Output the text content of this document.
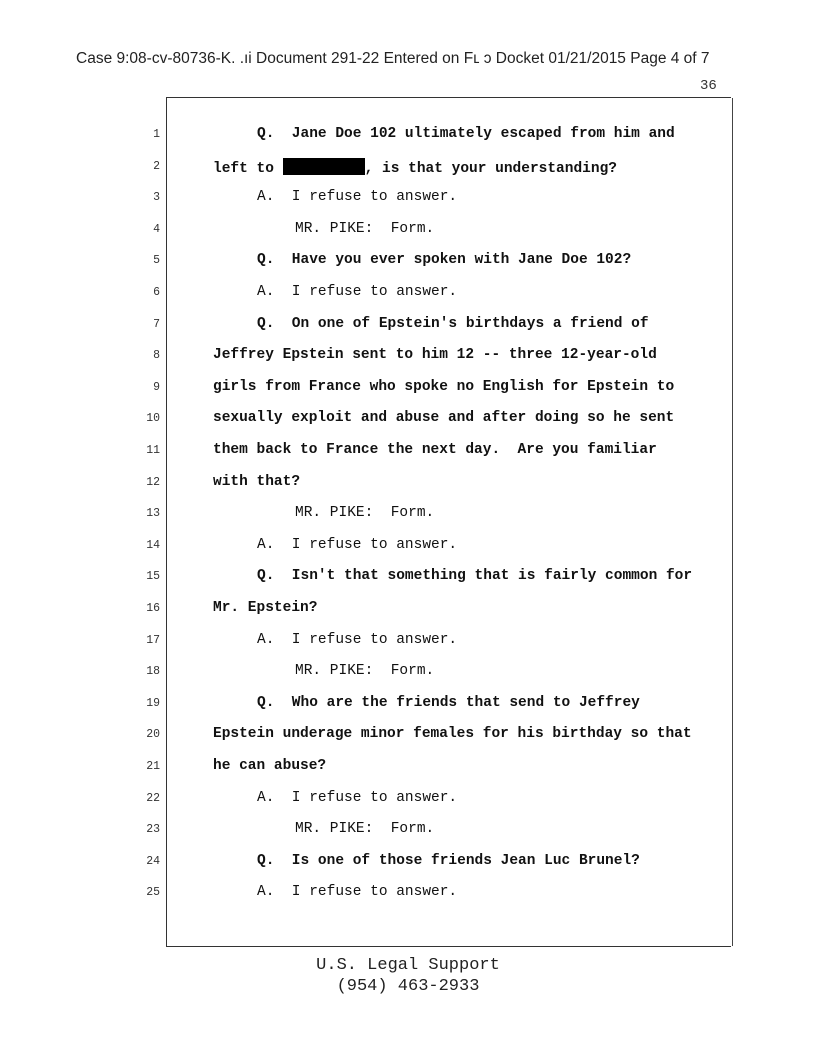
Case 9:08-cv-80736-K. .ıі Document 291-22 Entered on Fʟ ɔ Docket 01/21/2015 Page 4 of 7
36
1	Q.  Jane Doe 102 ultimately escaped from him and
2	left to	, is that your understanding?
3	A.  I refuse to answer.
4	MR. PIKE:  Form.
5	Q.  Have you ever spoken with Jane Doe 102?
6	A.  I refuse to answer.
7	Q.  On one of Epstein's birthdays a friend of
8	Jeffrey Epstein sent to him 12 -- three 12-year-old
9	girls from France who spoke no English for Epstein to
10	sexually exploit and abuse and after doing so he sent
11	them back to France the next day.  Are you familiar
12	with that?
13	MR. PIKE:  Form.
14	A.  I refuse to answer.
15	Q.  Isn't that something that is fairly common for
16	Mr. Epstein?
17	A.  I refuse to answer.
18	MR. PIKE:  Form.
19	Q.  Who are the friends that send to Jeffrey
20	Epstein underage minor females for his birthday so that
21	he can abuse?
22	A.  I refuse to answer.
23	MR. PIKE:  Form.
24	Q.  Is one of those friends Jean Luc Brunel?
25	A.  I refuse to answer.
U.S. Legal Support
(954) 463-2933
